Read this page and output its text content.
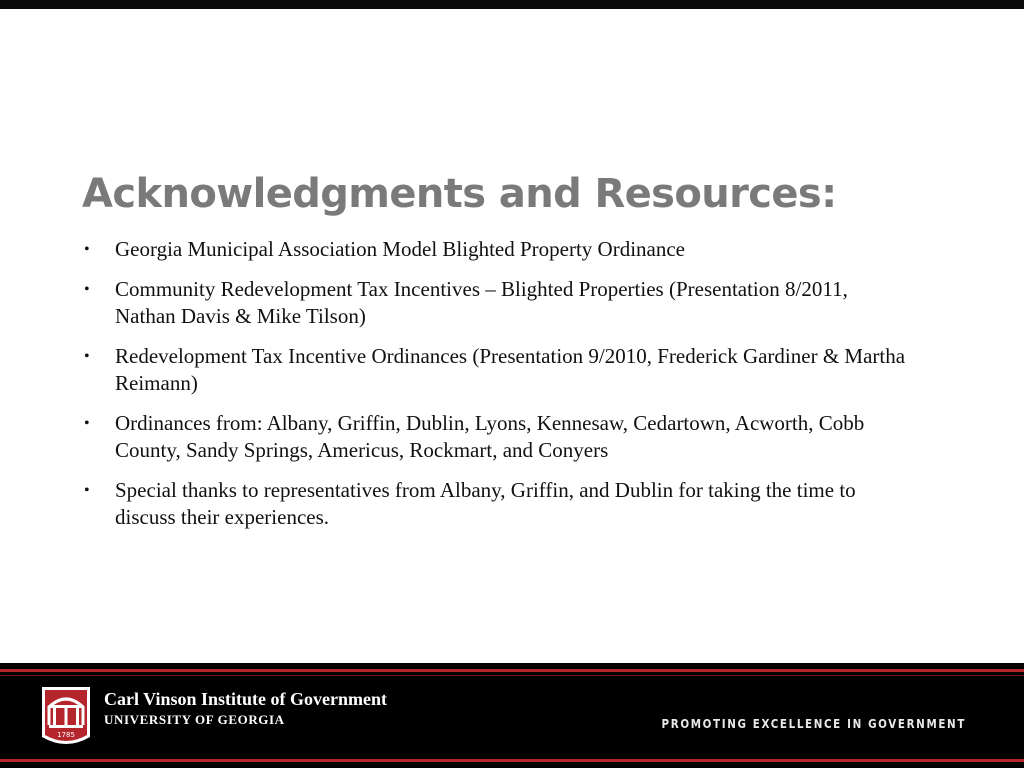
Acknowledgments and Resources:
• Georgia Municipal Association Model Blighted Property Ordinance
• Community Redevelopment Tax Incentives – Blighted Properties (Presentation 8/2011, Nathan Davis & Mike Tilson)
• Redevelopment Tax Incentive Ordinances (Presentation 9/2010, Frederick Gardiner & Martha Reimann)
• Ordinances from: Albany, Griffin, Dublin, Lyons, Kennesaw, Cedartown, Acworth, Cobb County, Sandy Springs, Americus, Rockmart, and Conyers
• Special thanks to representatives from Albany, Griffin, and Dublin for taking the time to discuss their experiences.
1785
Carl Vinson Institute of Government
UNIVERSITY OF GEORGIA	PROMOTING EXCELLENCE IN GOVERNMENT
